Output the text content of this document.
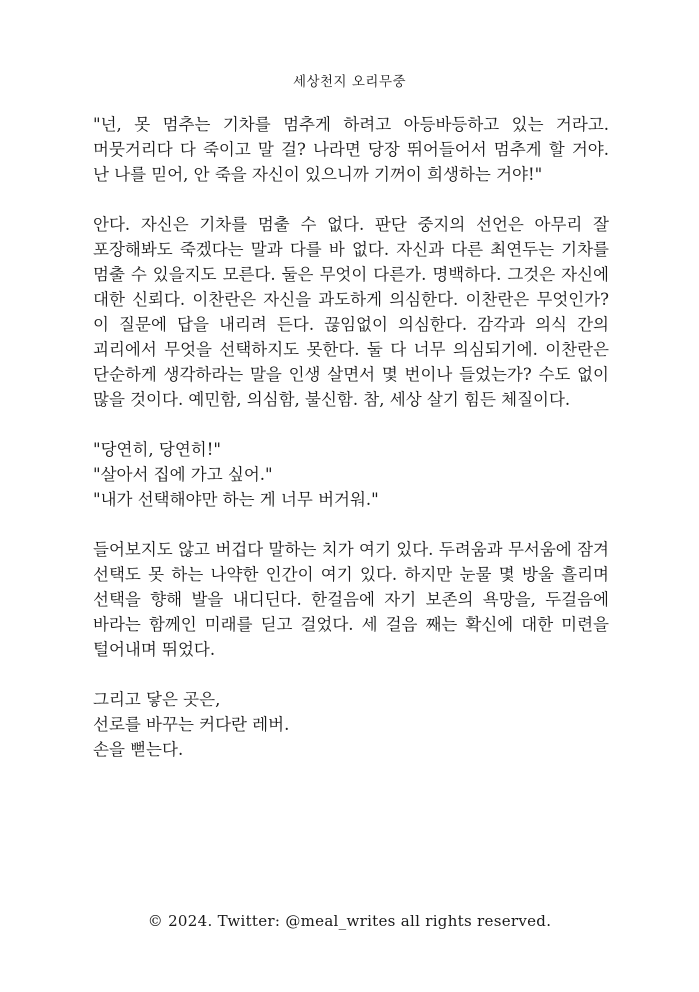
세상천지 오리무중

"넌, 못 멈추는 기차를 멈추게 하려고 아등바등하고 있는 거라고. 머뭇거리다 다 죽이고 말 걸? 나라면 당장 뛰어들어서 멈추게 할 거야. 난 나를 믿어, 안 죽을 자신이 있으니까 기꺼이 희생하는 거야!"

안다. 자신은 기차를 멈출 수 없다. 판단 중지의 선언은 아무리 잘 포장해봐도 죽겠다는 말과 다를 바 없다. 자신과 다른 최연두는 기차를 멈출 수 있을지도 모른다. 둘은 무엇이 다른가. 명백하다. 그것은 자신에 대한 신뢰다. 이찬란은 자신을 과도하게 의심한다. 이찬란은 무엇인가? 이 질문에 답을 내리려 든다. 끊임없이 의심한다. 감각과 의식 간의 괴리에서 무엇을 선택하지도 못한다. 둘 다 너무 의심되기에. 이찬란은 단순하게 생각하라는 말을 인생 살면서 몇 번이나 들었는가? 수도 없이 많을 것이다. 예민함, 의심함, 불신함. 참, 세상 살기 힘든 체질이다.

"당연히, 당연히!"
"살아서 집에 가고 싶어."
"내가 선택해야만 하는 게 너무 버거워."

들어보지도 않고 버겁다 말하는 치가 여기 있다. 두려움과 무서움에 잠겨 선택도 못 하는 나약한 인간이 여기 있다. 하지만 눈물 몇 방울 흘리며 선택을 향해 발을 내디딘다. 한걸음에 자기 보존의 욕망을, 두걸음에 바라는 함께인 미래를 딛고 걸었다. 세 걸음 째는 확신에 대한 미련을 털어내며 뛰었다.

그리고 닿은 곳은,
선로를 바꾸는 커다란 레버.
손을 뻗는다.
© 2024. Twitter: @meal_writes all rights reserved.
